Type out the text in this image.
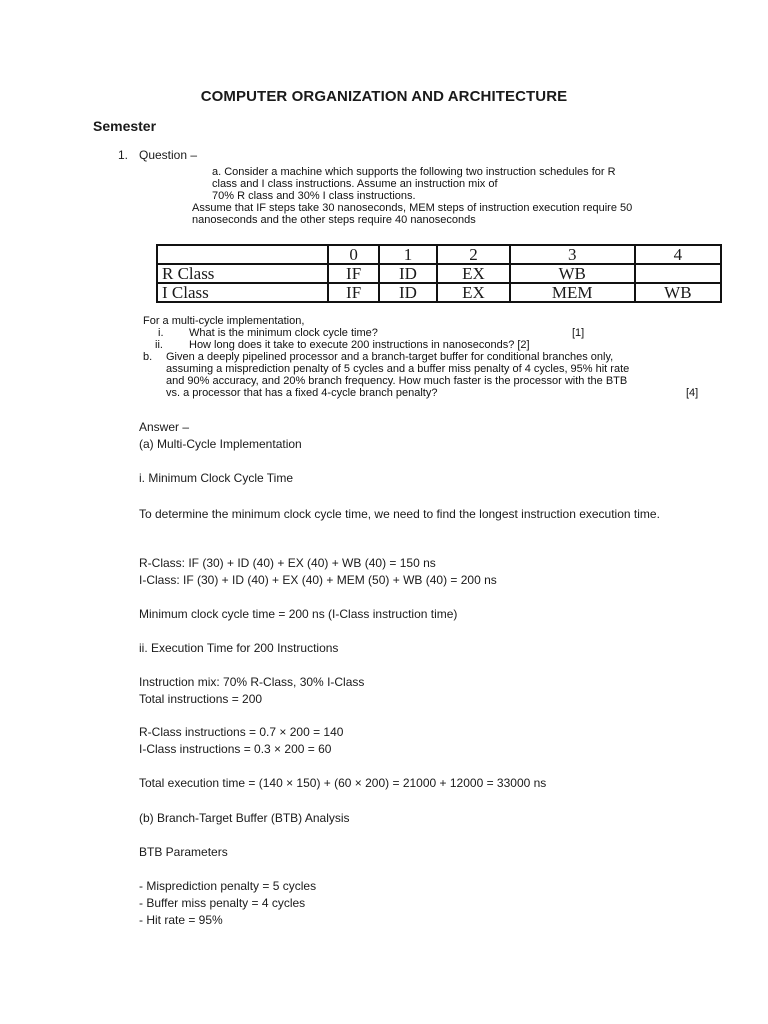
COMPUTER ORGANIZATION AND ARCHITECTURE
Semester
1. Question –
a. Consider a machine which supports the following two instruction schedules for R
class and I class instructions. Assume an instruction mix of
70% R class and 30% I class instructions.
Assume that IF steps take 30 nanoseconds, MEM steps of instruction execution require 50
nanoseconds and the other steps require 40 nanoseconds
	0	1	2	3	4
R Class	IF	ID	EX	WB	
I Class	IF	ID	EX	MEM	WB
For a multi-cycle implementation,
i. What is the minimum clock cycle time?	[1]
ii. How long does it take to execute 200 instructions in nanoseconds? [2]
b. Given a deeply pipelined processor and a branch-target buffer for conditional branches only,
assuming a misprediction penalty of 5 cycles and a buffer miss penalty of 4 cycles, 95% hit rate
and 90% accuracy, and 20% branch frequency. How much faster is the processor with the BTB
vs. a processor that has a fixed 4-cycle branch penalty?	[4]
Answer –
(a) Multi-Cycle Implementation
i. Minimum Clock Cycle Time
To determine the minimum clock cycle time, we need to find the longest instruction execution time.
R-Class: IF (30) + ID (40) + EX (40) + WB (40) = 150 ns
I-Class: IF (30) + ID (40) + EX (40) + MEM (50) + WB (40) = 200 ns
Minimum clock cycle time = 200 ns (I-Class instruction time)
ii. Execution Time for 200 Instructions
Instruction mix: 70% R-Class, 30% I-Class
Total instructions = 200
R-Class instructions = 0.7 × 200 = 140
I-Class instructions = 0.3 × 200 = 60
Total execution time = (140 × 150) + (60 × 200) = 21000 + 12000 = 33000 ns
(b) Branch-Target Buffer (BTB) Analysis
BTB Parameters
- Misprediction penalty = 5 cycles
- Buffer miss penalty = 4 cycles
- Hit rate = 95%
